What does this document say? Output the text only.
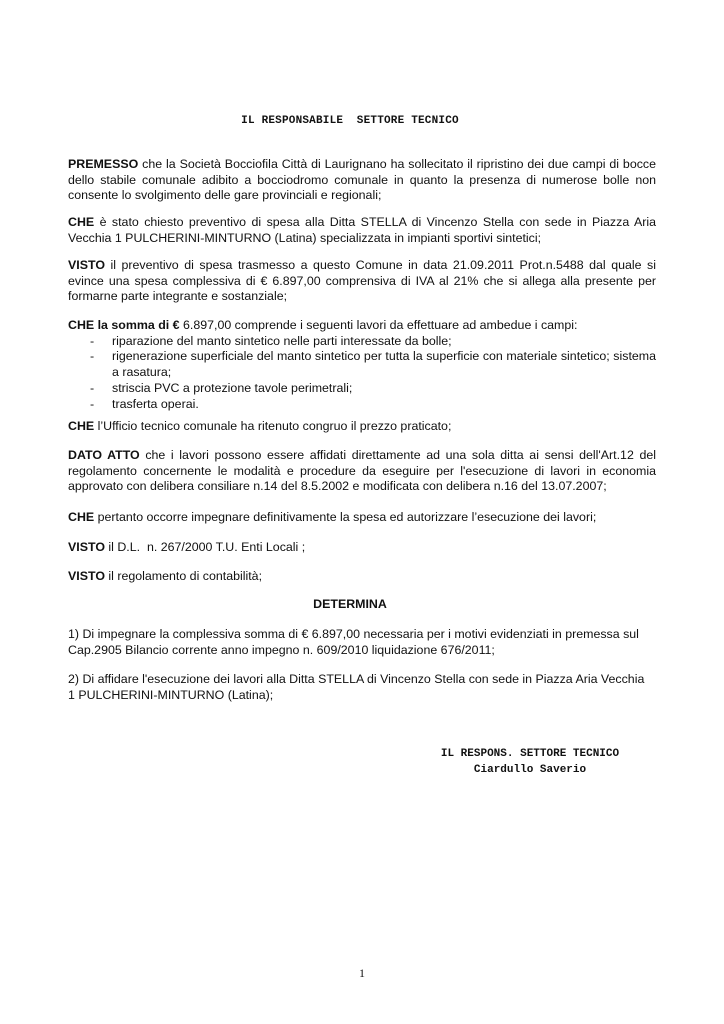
IL RESPONSABILE  SETTORE TECNICO
PREMESSO che la Società Bocciofila Città di Laurignano ha sollecitato il ripristino dei due campi di bocce dello stabile comunale adibito a bocciodromo comunale in quanto la presenza di numerose bolle non consente lo svolgimento delle gare provinciali e regionali;
CHE è stato chiesto preventivo di spesa alla Ditta STELLA di Vincenzo Stella con sede in Piazza Aria Vecchia 1 PULCHERINI-MINTURNO (Latina) specializzata in impianti sportivi sintetici;
VISTO il preventivo di spesa trasmesso a questo Comune in data 21.09.2011 Prot.n.5488 dal quale si evince una spesa complessiva di € 6.897,00 comprensiva di IVA al 21% che si allega alla presente per formarne parte integrante e sostanziale;

CHE la somma di € 6.897,00 comprende i seguenti lavori da effettuare ad ambedue i campi:

- riparazione del manto sintetico nelle parti interessate da bolle;
- rigenerazione superficiale del manto sintetico per tutta la superficie con materiale sintetico; sistema a rasatura;
- striscia PVC a protezione tavole perimetrali;
- trasferta operai.
CHE l’Ufficio tecnico comunale ha ritenuto congruo il prezzo praticato;
DATO ATTO che i lavori possono essere affidati direttamente ad una sola ditta ai sensi dell'Art.12 del regolamento concernente le modalità e procedure da eseguire per l'esecuzione di lavori in economia approvato con delibera consiliare n.14 del 8.5.2002 e modificata con delibera n.16 del 13.07.2007;
CHE pertanto occorre impegnare definitivamente la spesa ed autorizzare l’esecuzione dei lavori;
VISTO il D.L.  n. 267/2000 T.U. Enti Locali ;
VISTO il regolamento di contabilità;
DETERMINA
1) Di impegnare la complessiva somma di € 6.897,00 necessaria per i motivi evidenziati in premessa sul Cap.2905 Bilancio corrente anno impegno n. 609/2010 liquidazione 676/2011;
2) Di affidare l'esecuzione dei lavori alla Ditta STELLA di Vincenzo Stella con sede in Piazza Aria Vecchia 1 PULCHERINI-MINTURNO (Latina);
IL RESPONS. SETTORE TECNICO
Ciardullo Saverio
1
